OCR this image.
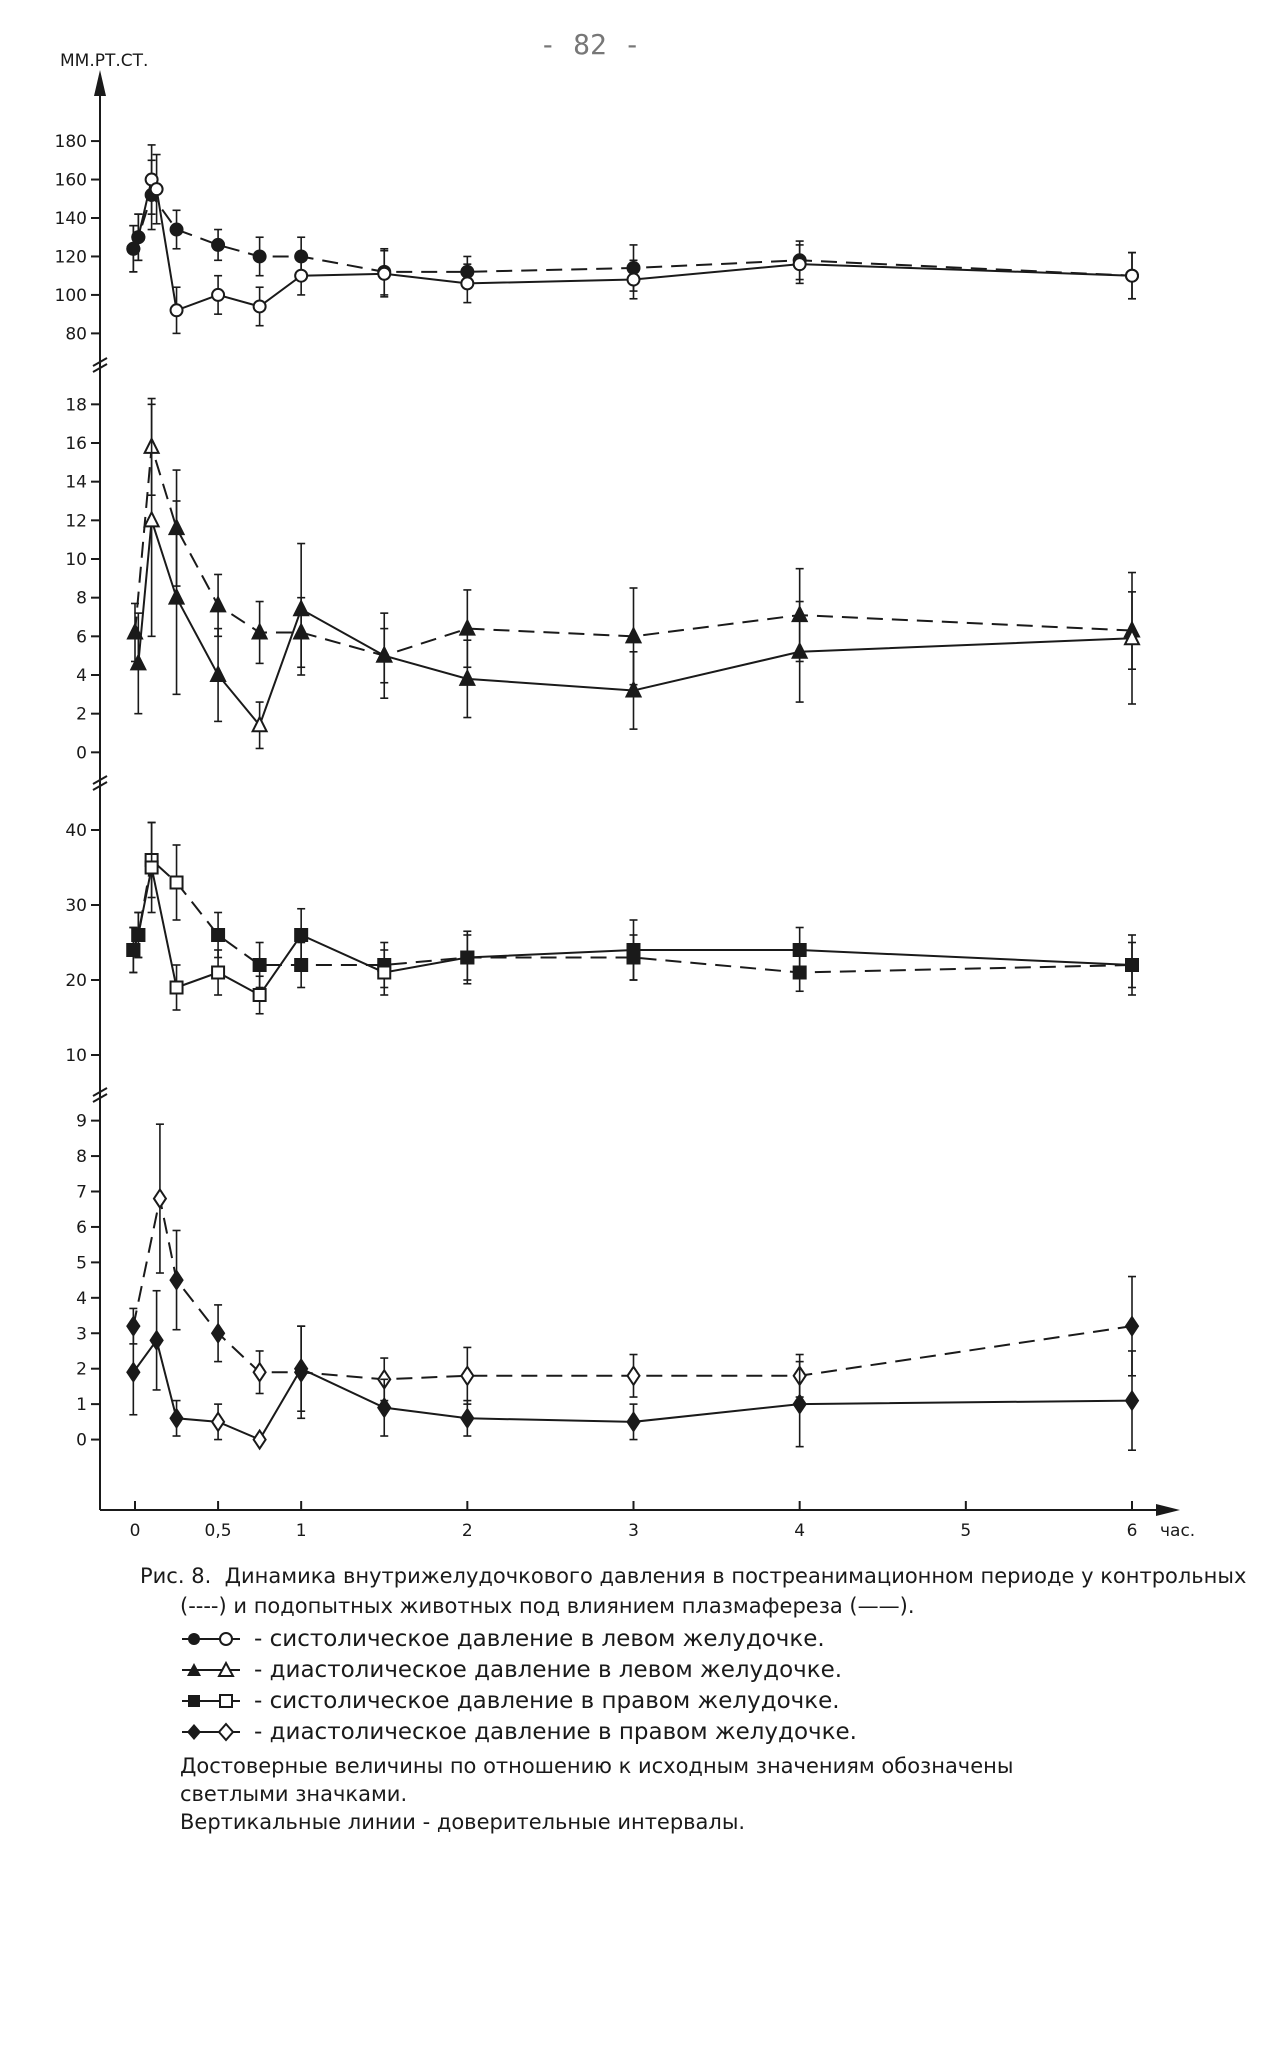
- 82 -
0	0,5	1	2	3	4	5	6
80
100
120
140
160
180
0
2
4
6
8
10
12
14
16
18
10
20
30
40
0
1
2
3
4
5
6
7
8
9
ММ.РТ.СТ.
час.
Рис. 8.  Динамика внутрижелудочкового давления в постреанимационном периоде у контрольных
(----) и подопытных животных под влиянием плазмафереза (——).
- систолическое давление в левом желудочке.
- диастолическое давление в левом желудочке.
- систолическое давление в правом желудочке.
- диастолическое давление в правом желудочке.
Достоверные величины по отношению к исходным значениям обозначены
светлыми значками.
Вертикальные линии - доверительные интервалы.
